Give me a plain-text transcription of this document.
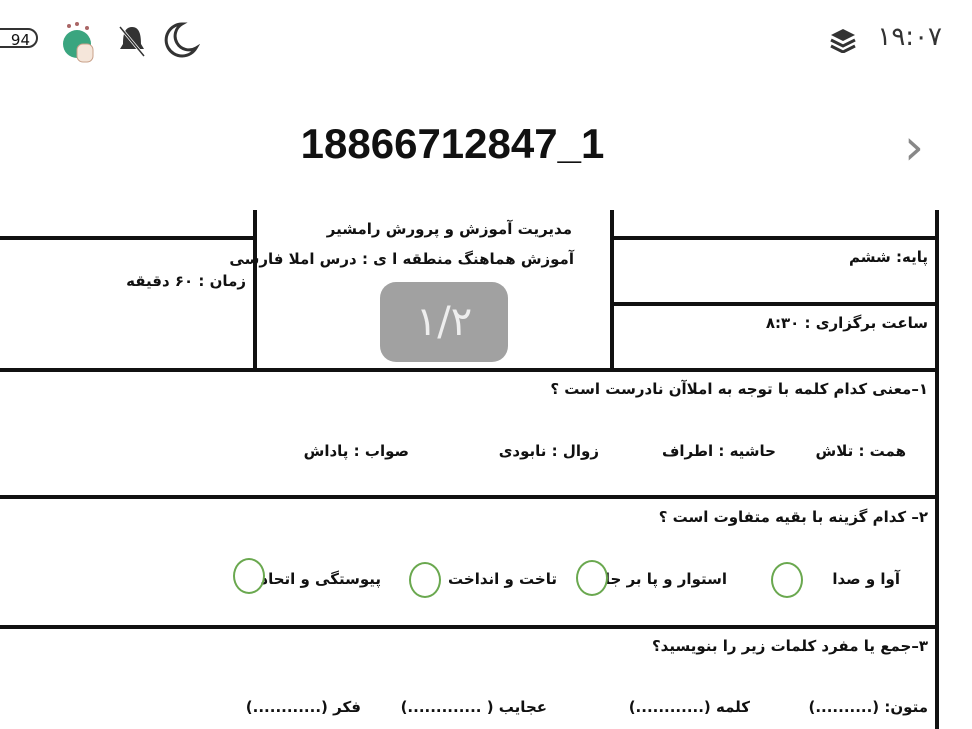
94	۱۹:۰۷
18866712847_1	›
مدیریت آموزش و پرورش رامشیر
آموزش هماهنگ منطقه ا ی : درس املا فارسی	پایه: ششم
ساعت برگزاری : ۸:۳۰
زمان : ۶۰ دقیقه
۱–معنی کدام کلمه با توجه به املاآن نادرست است ؟
همت : تلاش
حاشیه : اطراف
زوال : نابودی
صواب : پاداش
۲– کدام گزینه با بقیه متفاوت است ؟
آوا و صدا
استوار و پا بر جا
تاخت و انداخت
پیوستگی و اتحاد
۳–جمع یا مفرد کلمات زیر را بنویسید؟
متون: (..........)
کلمه (............)
عجایب ( .............)
فکر (............)
۱/۲
